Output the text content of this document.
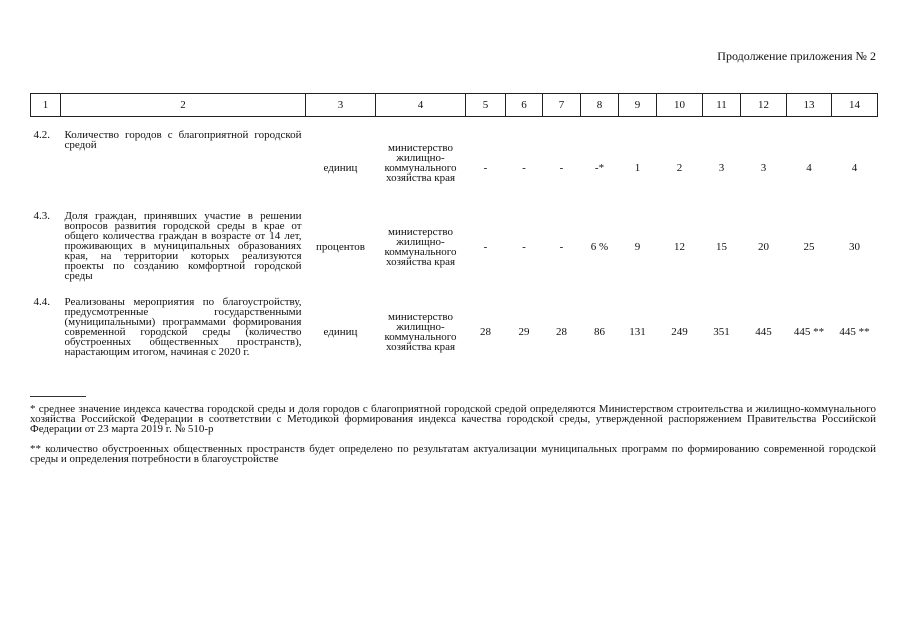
Продолжение приложения № 2
1	2	3	4	5	6	7	8	9	10	11	12	13	14

4.2.	Количество городов с благоприятной городской средой	единиц	министерство жилищно-коммунального хозяйства края	-	-	-	-*	1	2	3	3	4	4

4.3.	Доля граждан, принявших участие в решении вопросов развития городской среды в крае от общего количества граждан в возрасте от 14 лет, проживающих в муниципальных образованиях края, на территории которых реализуются проекты по созданию комфортной городской среды	процентов	министерство жилищно-коммунального хозяйства края	-	-	-	6 %	9	12	15	20	25	30

4.4.	Реализованы мероприятия по благоустройству, предусмотренные государственными (муниципальными) программами формирования современной городской среды (количество обустроенных общественных пространств), нарастающим итогом, начиная с 2020 г.	единиц	министерство жилищно-коммунального хозяйства края	28	29	28	86	131	249	351	445	445 **	445 **
* среднее значение индекса качества городской среды и доля городов с благоприятной городской средой определяются Министерством строительства и жилищно-коммунального хозяйства Российской Федерации в соответствии с Методикой формирования индекса качества городской среды, утвержденной распоряжением Правительства Российской Федерации от 23 марта 2019 г. № 510-р
** количество обустроенных общественных пространств будет определено по результатам актуализации муниципальных программ по формированию современной городской среды и определения потребности в благоустройстве
